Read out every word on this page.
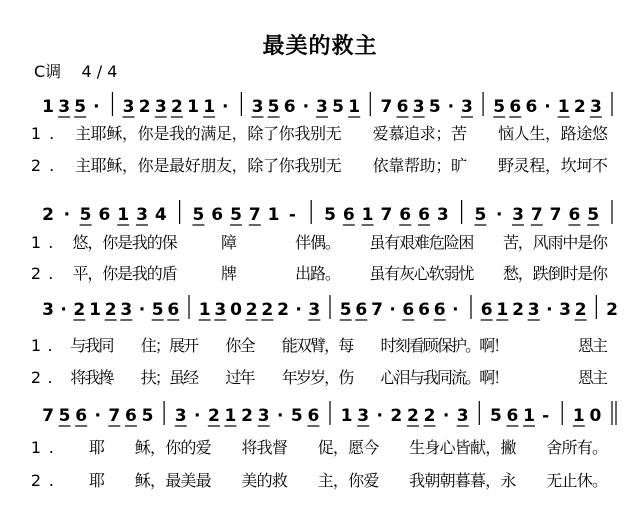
最美的救主
C调 4 / 4
1 3 5 · 3 2 3 2 1 1 · 3 5 6 · 3 5 1 7 6 3 5 · 3 5 6 6 · 1 2 3
2 · 5 6 1 3 4 5 6 5 7 1 - 5 6 1 7 6 6 3 5 · 3 7 7 6 5
3 · 2 1 2 3 · 5 6 1 3 0 2 2 2 · 3 5 6 7 · 6 6 6 · 6 1 2 3 · 3 2 2
7 5 6 · 7 6 5 3 · 2 1 2 3 · 5 6 1 3 · 2 2 2 · 3 5 6 1 - 1 0
1 .	主 耶 稣 ， 你 是 我 的 满 足 ， 除 了 你 我 别 无 爱 慕 追 求 ； 苦 恼 人 生 ， 路 途 悠
2 .	主 耶 稣 ， 你 是 最 好 朋 友 ， 除 了 你 我 别 无 依 靠 帮 助 ； 旷 野 灵 程 ， 坎 坷 不
1 .	悠
，
你
是
我
的
保	障	伴
偶
。 虽
有
艰
难
危
险
困 苦
，
风
雨
中
是
你
2 .	平
，
你
是
我
的
盾	牌	出
路
。 虽
有
灰
心
软
弱
忧 愁
，
跌
倒
时
是
你
1 .	与
我
同 住
；
展
开 你
全 能
双
臂
，
每 时
刻
看
顾
保
护
。
啊
！	恩
主
2 .	将
我
搀 扶
；
虽
经 过
年 年
岁
岁
，
伤 心
泪
与
我
同
流
。
啊
！	恩
主
1 .	耶 稣 ， 你 的 爱 将 我 督 促 ， 愿 今 生 身 心 皆 献 ， 撇 舍 所 有 。
2 .	耶 稣 ， 最 美 最 美 的 救 主 ， 你 爱 我 朝 朝 暮 暮 ， 永 无 止 休 。
